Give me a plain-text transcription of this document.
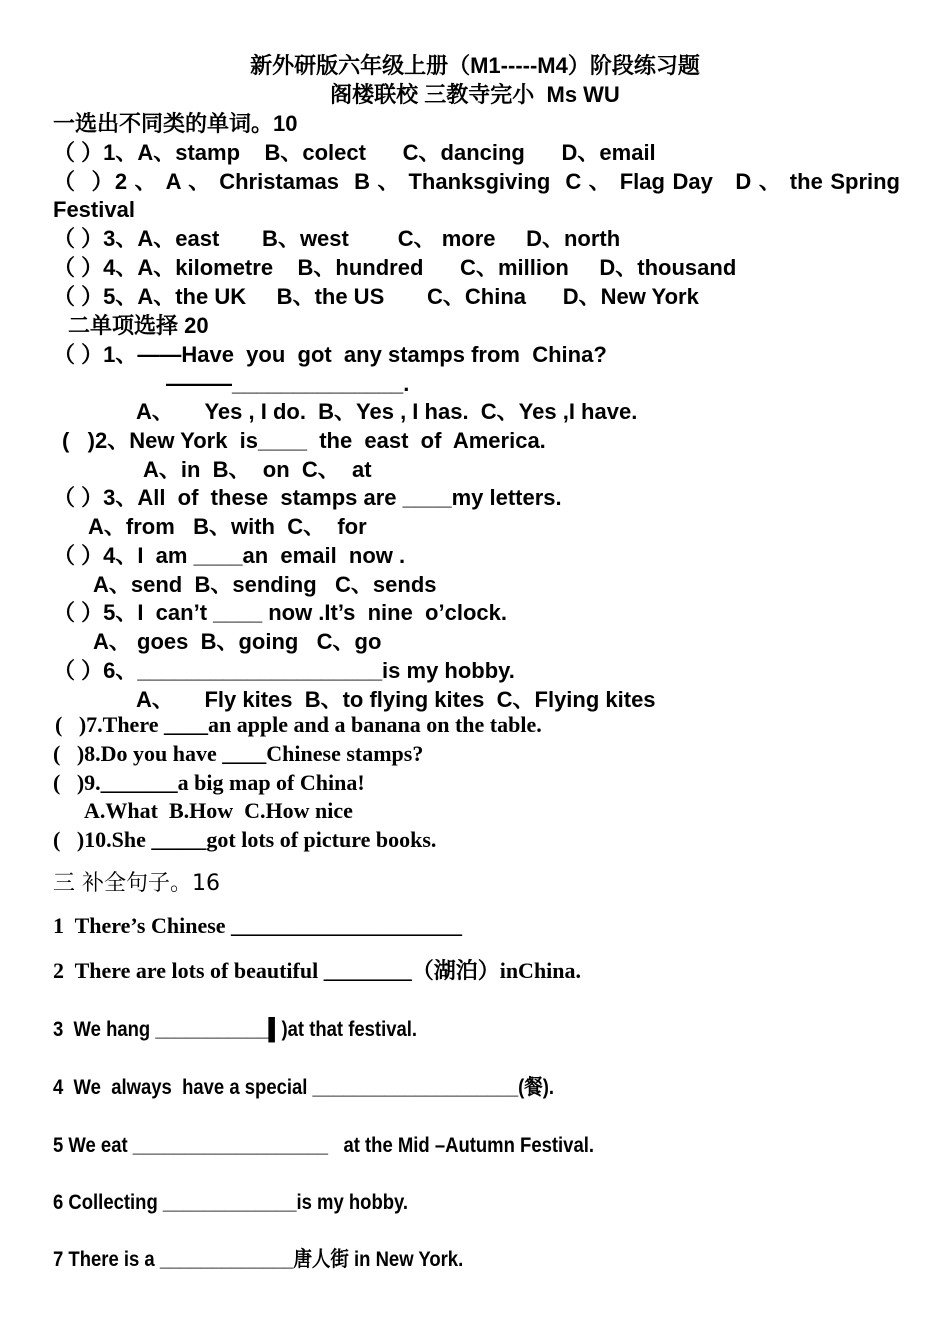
新外研版六年级上册（M1-----M4）阶段练习题
阁楼联校 三教寺完小  Ms WU
一选出不同类的单词。10
（ ）1、A、stamp    B、colect      C、dancing      D、email
（  ）2 、 A 、 Christamas  B 、 Thanksgiving  C 、 Flag Day   D 、 the Spring
Festival
（ ）3、A、east       B、west        C、 more     D、north
（ ）4、A、kilometre    B、hundred      C、million     D、thousand
（ ）5、A、the UK     B、the US       C、China      D、New York
二单项选择 20
（ ）1、——Have  you  got  any stamps from  China?
———______________.
A、     Yes , I do.  B、Yes , I has.  C、Yes ,I have.
(   )2、New York  is____  the  east  of  America.
A、in  B、  on  C、  at
（ ）3、All  of  these  stamps are ____my letters.
A、from   B、with  C、  for
（ ）4、I  am ____an  email  now .
A、send  B、sending   C、sends
（ ）5、I  can’t ____ now .It’s  nine  o’clock.
A、 goes  B、going   C、go
（ ）6、____________________is my hobby.
A、     Fly kites  B、to flying kites  C、Flying kites
(   )7.There ____an apple and a banana on the table.
(   )8.Do you have ____Chinese stamps?
(   )9._______a big map of China!
A.What  B.How  C.How nice
(   )10.She _____got lots of picture books.
三 补全句子。16
1  There’s Chinese _____________________
2  There are lots of beautiful ________（湖泊）inChina.
3  We hang ___________▌)at that festival.
4  We  always  have a special ____________________(餐).
5 We eat ___________________   at the Mid –Autumn Festival.
6 Collecting _____________is my hobby.
7 There is a _____________唐人街 in New York.
